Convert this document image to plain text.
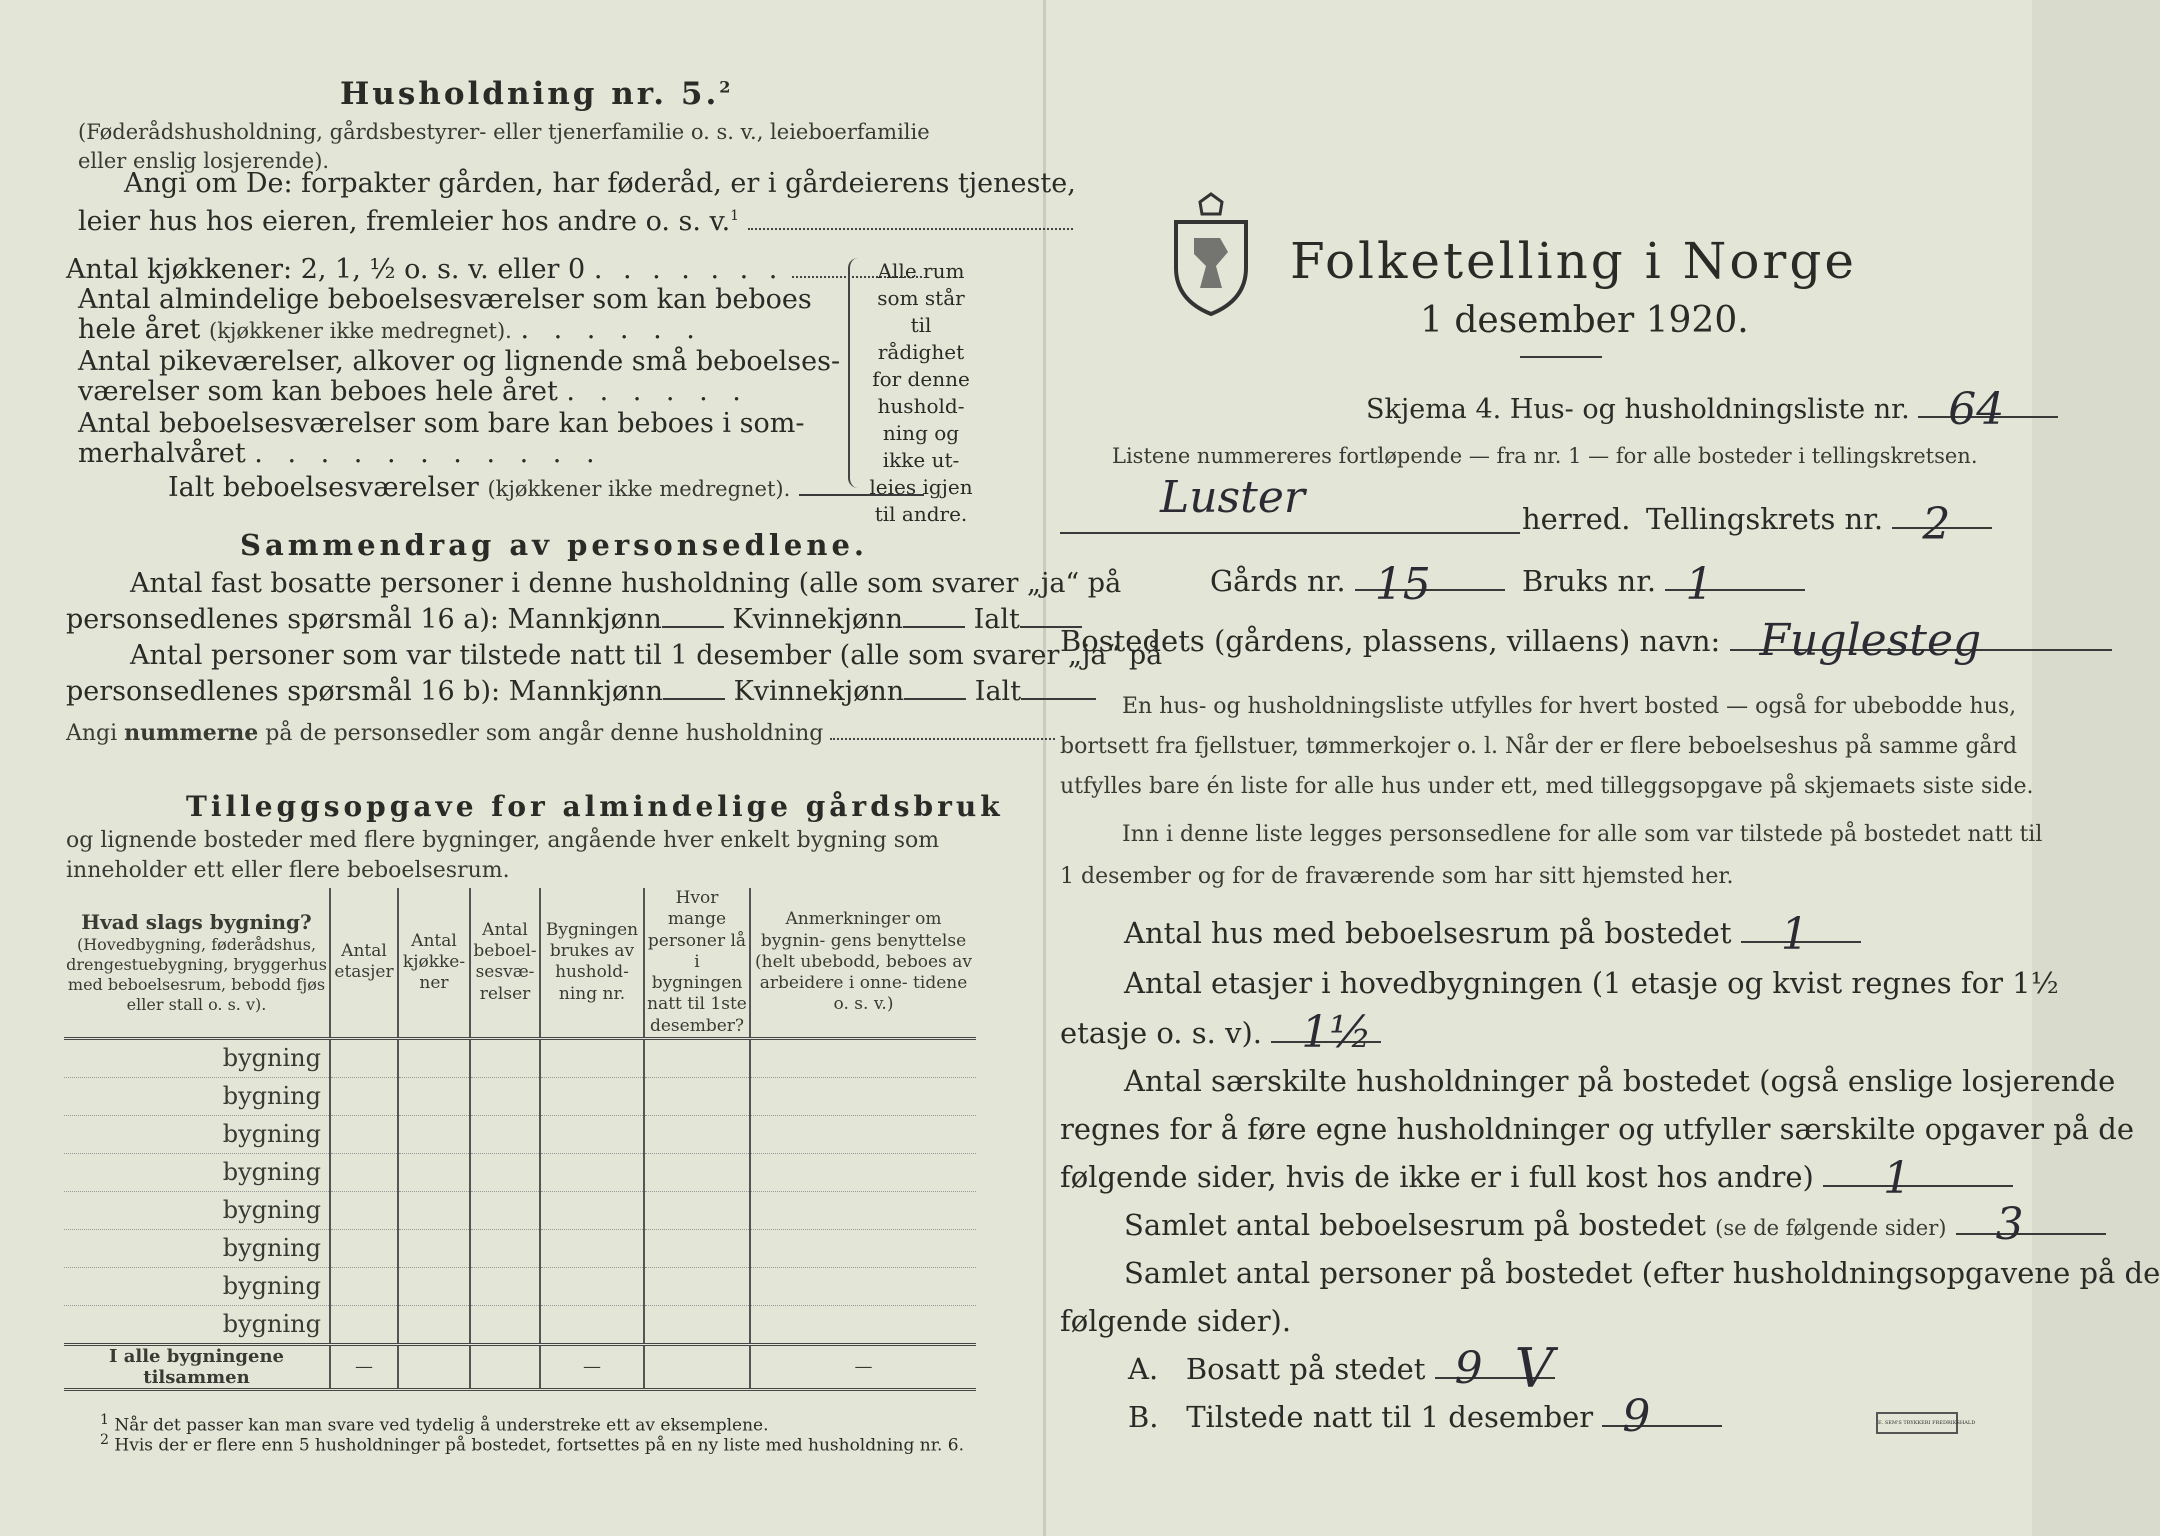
Husholdning nr. 5.$^2$
(Føderådshusholdning, gårdsbestyrer- eller tjenerfamilie o. s. v., leieboerfamilie eller enslig losjerende).
Angi om De: forpakter gården, har føderåd, er i gårdeierens tjeneste,
leier hus hos eieren, fremleier hos andre o. s. v.$^1$
Antal kjøkkener: 2, 1, ½ o. s. v. eller 0 . . . . . . .
Antal almindelige beboelsesværelser som kan beboes
hele året (kjøkkener ikke medregnet). . . . . . .
Antal pikeværelser, alkover og lignende små beboelses-
værelser som kan beboes hele året . . . . . .
Antal beboelsesværelser som bare kan beboes i som-
merhalvåret . . . . . . . . . . .
Ialt beboelsesværelser (kjøkkener ikke medregnet).
Alle rum
som står til
rådighet
for denne
hushold-
ning og
ikke ut-
leies igjen
til andre.
Sammendrag av personsedlene.
Antal fast bosatte personer i denne husholdning (alle som svarer „ja“ på
personsedlenes spørsmål 16 a): Mannkjønn	Kvinnekjønn	Ialt
Antal personer som var tilstede natt til 1 desember (alle som svarer „ja“ på
personsedlenes spørsmål 16 b): Mannkjønn	Kvinnekjønn	Ialt
Angi nummerne på de personsedler som angår denne husholdning
Tilleggsopgave for almindelige gårdsbruk
og lignende bosteder med flere bygninger, angående hver enkelt bygning som inneholder ett eller flere beboelsesrum.
Hvad slags bygning?
(Hovedbygning, føderådshus, drengestuebygning, bryggerhus med beboelsesrum, bebodd fjøs eller stall o. s. v).	Antal etasjer	Antal kjøkke- ner	Antal beboel- sesvæ- relser	Bygningen brukes av hushold- ning nr.	Hvor mange personer lå i bygningen natt til 1ste desember?	Anmerkninger om bygnin- gens benyttelse (helt ubebodd, beboes av arbeidere i onne- tidene o. s. v.)
bygning						
bygning						
bygning						
bygning						
bygning						
bygning						
bygning						
bygning						
I alle bygningene tilsammen	—			—		—
$^1$ Når det passer kan man svare ved tydelig å understreke ett av eksemplene.
$^2$ Hvis der er flere enn 5 husholdninger på bostedet, fortsettes på en ny liste med husholdning nr. 6.
Folketelling i Norge
1 desember 1920.
Skjema 4. Hus- og husholdningsliste nr. 64
Listene nummereres fortløpende — fra nr. 1 — for alle bosteder i tellingskretsen.
Luster	herred. Tellingskrets nr. 2
Gårds nr. 15	Bruks nr. 1
Bostedets (gårdens, plassens, villaens) navn: Fuglesteg
En hus- og husholdningsliste utfylles for hvert bosted — også for ubebodde hus,
bortsett fra fjellstuer, tømmerkojer o. l. Når der er flere beboelseshus på samme gård
utfylles bare én liste for alle hus under ett, med tilleggsopgave på skjemaets siste side.
Inn i denne liste legges personsedlene for alle som var tilstede på bostedet natt til
1 desember og for de fraværende som har sitt hjemsted her.
Antal hus med beboelsesrum på bostedet 1
Antal etasjer i hovedbygningen (1 etasje og kvist regnes for 1½
etasje o. s. v). 1½
Antal særskilte husholdninger på bostedet (også enslige losjerende
regnes for å føre egne husholdninger og utfyller særskilte opgaver på de
følgende sider, hvis de ikke er i full kost hos andre) 1
Samlet antal beboelsesrum på bostedet (se de følgende sider) 3
Samlet antal personer på bostedet (efter husholdningsopgavene på de
følgende sider).
A. Bosatt på stedet 9 V
B. Tilstede natt til 1 desember 9	E. SEM'S TRYKKERI FREDRIKSHALD
